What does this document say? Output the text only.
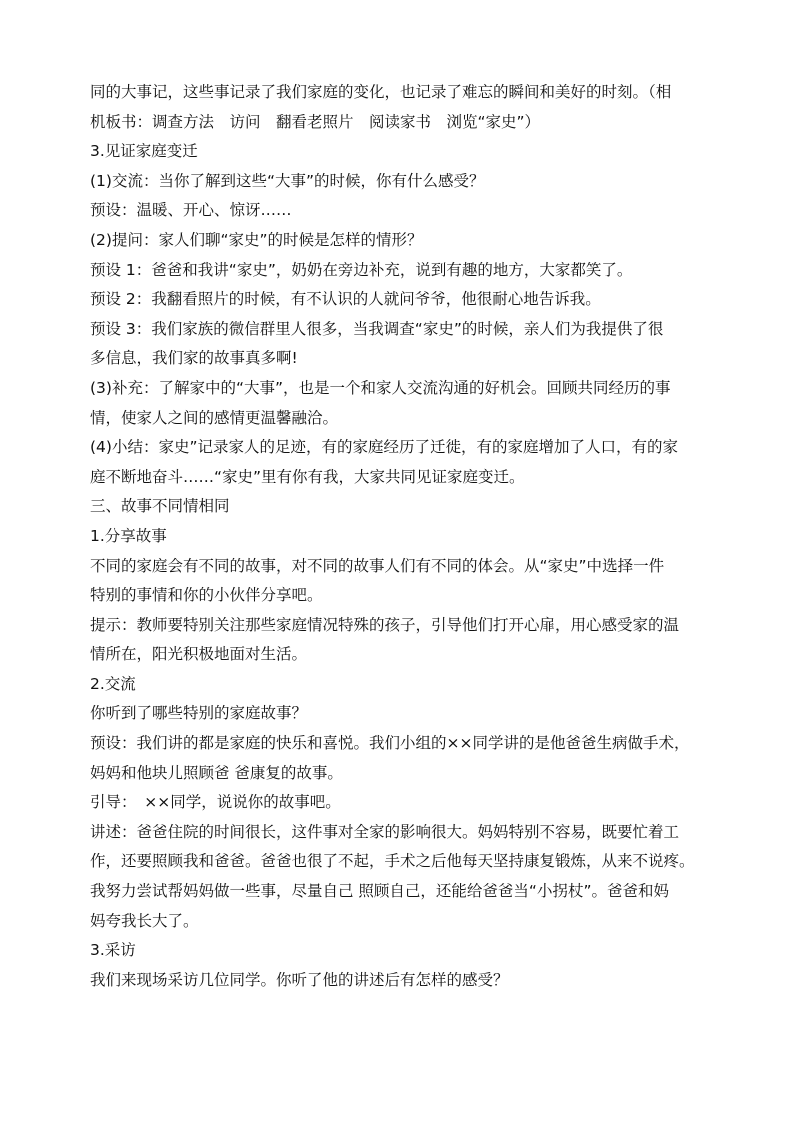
同的大事记，这些事记录了我们家庭的变化，也记录了难忘的瞬间和美好的时刻。（相

机板书：调查方法　访问　翻看老照片　阅读家书　浏览“家史”）

3.见证家庭变迁

(1)交流：当你了解到这些“大事”的时候，你有什么感受？

预设：温暖、开心、惊讶……

(2)提问：家人们聊“家史”的时候是怎样的情形？

预设 1：爸爸和我讲“家史”，奶奶在旁边补充，说到有趣的地方，大家都笑了。

预设 2：我翻看照片的时候，有不认识的人就问爷爷，他很耐心地告诉我。

预设 3：我们家族的微信群里人很多，当我调查“家史”的时候，亲人们为我提供了很

多信息，我们家的故事真多啊!

(3)补充：了解家中的“大事”，也是一个和家人交流沟通的好机会。回顾共同经历的事

情，使家人之间的感情更温馨融洽。

(4)小结：家史”记录家人的足迹，有的家庭经历了迁徙，有的家庭增加了人口，有的家

庭不断地奋斗……“家史”里有你有我，大家共同见证家庭变迁。

三、故事不同情相同

1.分享故事

不同的家庭会有不同的故事，对不同的故事人们有不同的体会。从“家史”中选择一件

特别的事情和你的小伙伴分享吧。

提示：教师要特别关注那些家庭情况特殊的孩子，引导他们打开心扉，用心感受家的温

情所在，阳光积极地面对生活。

2.交流

你听到了哪些特别的家庭故事？

预设：我们讲的都是家庭的快乐和喜悦。我们小组的××同学讲的是他爸爸生病做手术，

妈妈和他块儿照顾爸 爸康复的故事。

引导：　××同学，说说你的故事吧。

讲述：爸爸住院的时间很长，这件事对全家的影响很大。妈妈特别不容易，既要忙着工

作，还要照顾我和爸爸。爸爸也很了不起，手术之后他每天坚持康复锻炼，从来不说疼。

我努力尝试帮妈妈做一些事，尽量自己 照顾自己，还能给爸爸当“小拐杖”。爸爸和妈

妈夸我长大了。

3.采访

我们来现场采访几位同学。你听了他的讲述后有怎样的感受？
